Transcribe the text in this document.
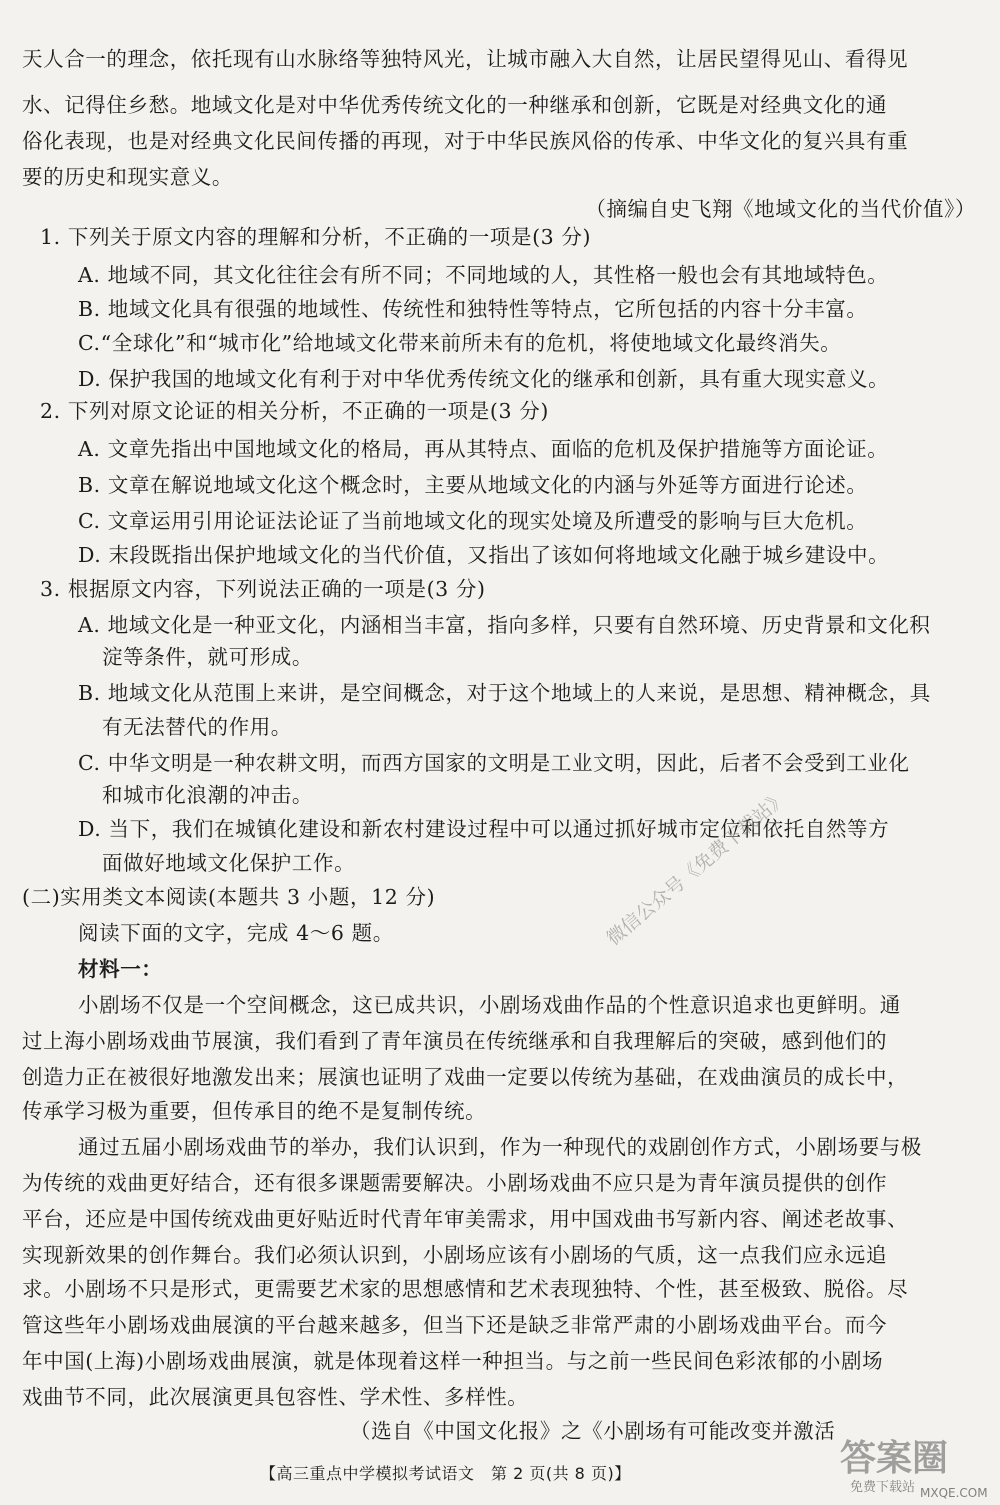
天人合一的理念，依托现有山水脉络等独特风光，让城市融入大自然，让居民望得见山、看得见
水、记得住乡愁。地域文化是对中华优秀传统文化的一种继承和创新，它既是对经典文化的通
俗化表现，也是对经典文化民间传播的再现，对于中华民族风俗的传承、中华文化的复兴具有重
要的历史和现实意义。
（摘编自史飞翔《地域文化的当代价值》）
1. 下列关于原文内容的理解和分析，不正确的一项是(3 分)
A. 地域不同，其文化往往会有所不同；不同地域的人，其性格一般也会有其地域特色。
B. 地域文化具有很强的地域性、传统性和独特性等特点，它所包括的内容十分丰富。
C.“全球化”和“城市化”给地域文化带来前所未有的危机，将使地域文化最终消失。
D. 保护我国的地域文化有利于对中华优秀传统文化的继承和创新，具有重大现实意义。
2. 下列对原文论证的相关分析，不正确的一项是(3 分)
A. 文章先指出中国地域文化的格局，再从其特点、面临的危机及保护措施等方面论证。
B. 文章在解说地域文化这个概念时，主要从地域文化的内涵与外延等方面进行论述。
C. 文章运用引用论证法论证了当前地域文化的现实处境及所遭受的影响与巨大危机。
D. 末段既指出保护地域文化的当代价值，又指出了该如何将地域文化融于城乡建设中。
3. 根据原文内容，下列说法正确的一项是(3 分)
A. 地域文化是一种亚文化，内涵相当丰富，指向多样，只要有自然环境、历史背景和文化积
淀等条件，就可形成。
B. 地域文化从范围上来讲，是空间概念，对于这个地域上的人来说，是思想、精神概念，具
有无法替代的作用。
C. 中华文明是一种农耕文明，而西方国家的文明是工业文明，因此，后者不会受到工业化
和城市化浪潮的冲击。
D. 当下，我们在城镇化建设和新农村建设过程中可以通过抓好城市定位和依托自然等方
面做好地域文化保护工作。
(二)实用类文本阅读(本题共 3 小题，12 分)
阅读下面的文字，完成 4～6 题。
材料一：
小剧场不仅是一个空间概念，这已成共识，小剧场戏曲作品的个性意识追求也更鲜明。通
过上海小剧场戏曲节展演，我们看到了青年演员在传统继承和自我理解后的突破，感到他们的
创造力正在被很好地激发出来；展演也证明了戏曲一定要以传统为基础，在戏曲演员的成长中，
传承学习极为重要，但传承目的绝不是复制传统。
通过五届小剧场戏曲节的举办，我们认识到，作为一种现代的戏剧创作方式，小剧场要与极
为传统的戏曲更好结合，还有很多课题需要解决。小剧场戏曲不应只是为青年演员提供的创作
平台，还应是中国传统戏曲更好贴近时代青年审美需求，用中国戏曲书写新内容、阐述老故事、
实现新效果的创作舞台。我们必须认识到，小剧场应该有小剧场的气质，这一点我们应永远追
求。小剧场不只是形式，更需要艺术家的思想感情和艺术表现独特、个性，甚至极致、脱俗。尽
管这些年小剧场戏曲展演的平台越来越多，但当下还是缺乏非常严肃的小剧场戏曲平台。而今
年中国(上海)小剧场戏曲展演，就是体现着这样一种担当。与之前一些民间色彩浓郁的小剧场
戏曲节不同，此次展演更具包容性、学术性、多样性。
（选自《中国文化报》之《小剧场有可能改变并激活
【高三重点中学模拟考试语文　第 2 页(共 8 页)】
微信公众号《免费下载站》
答案圈
免费下载站 MXQE.COM
